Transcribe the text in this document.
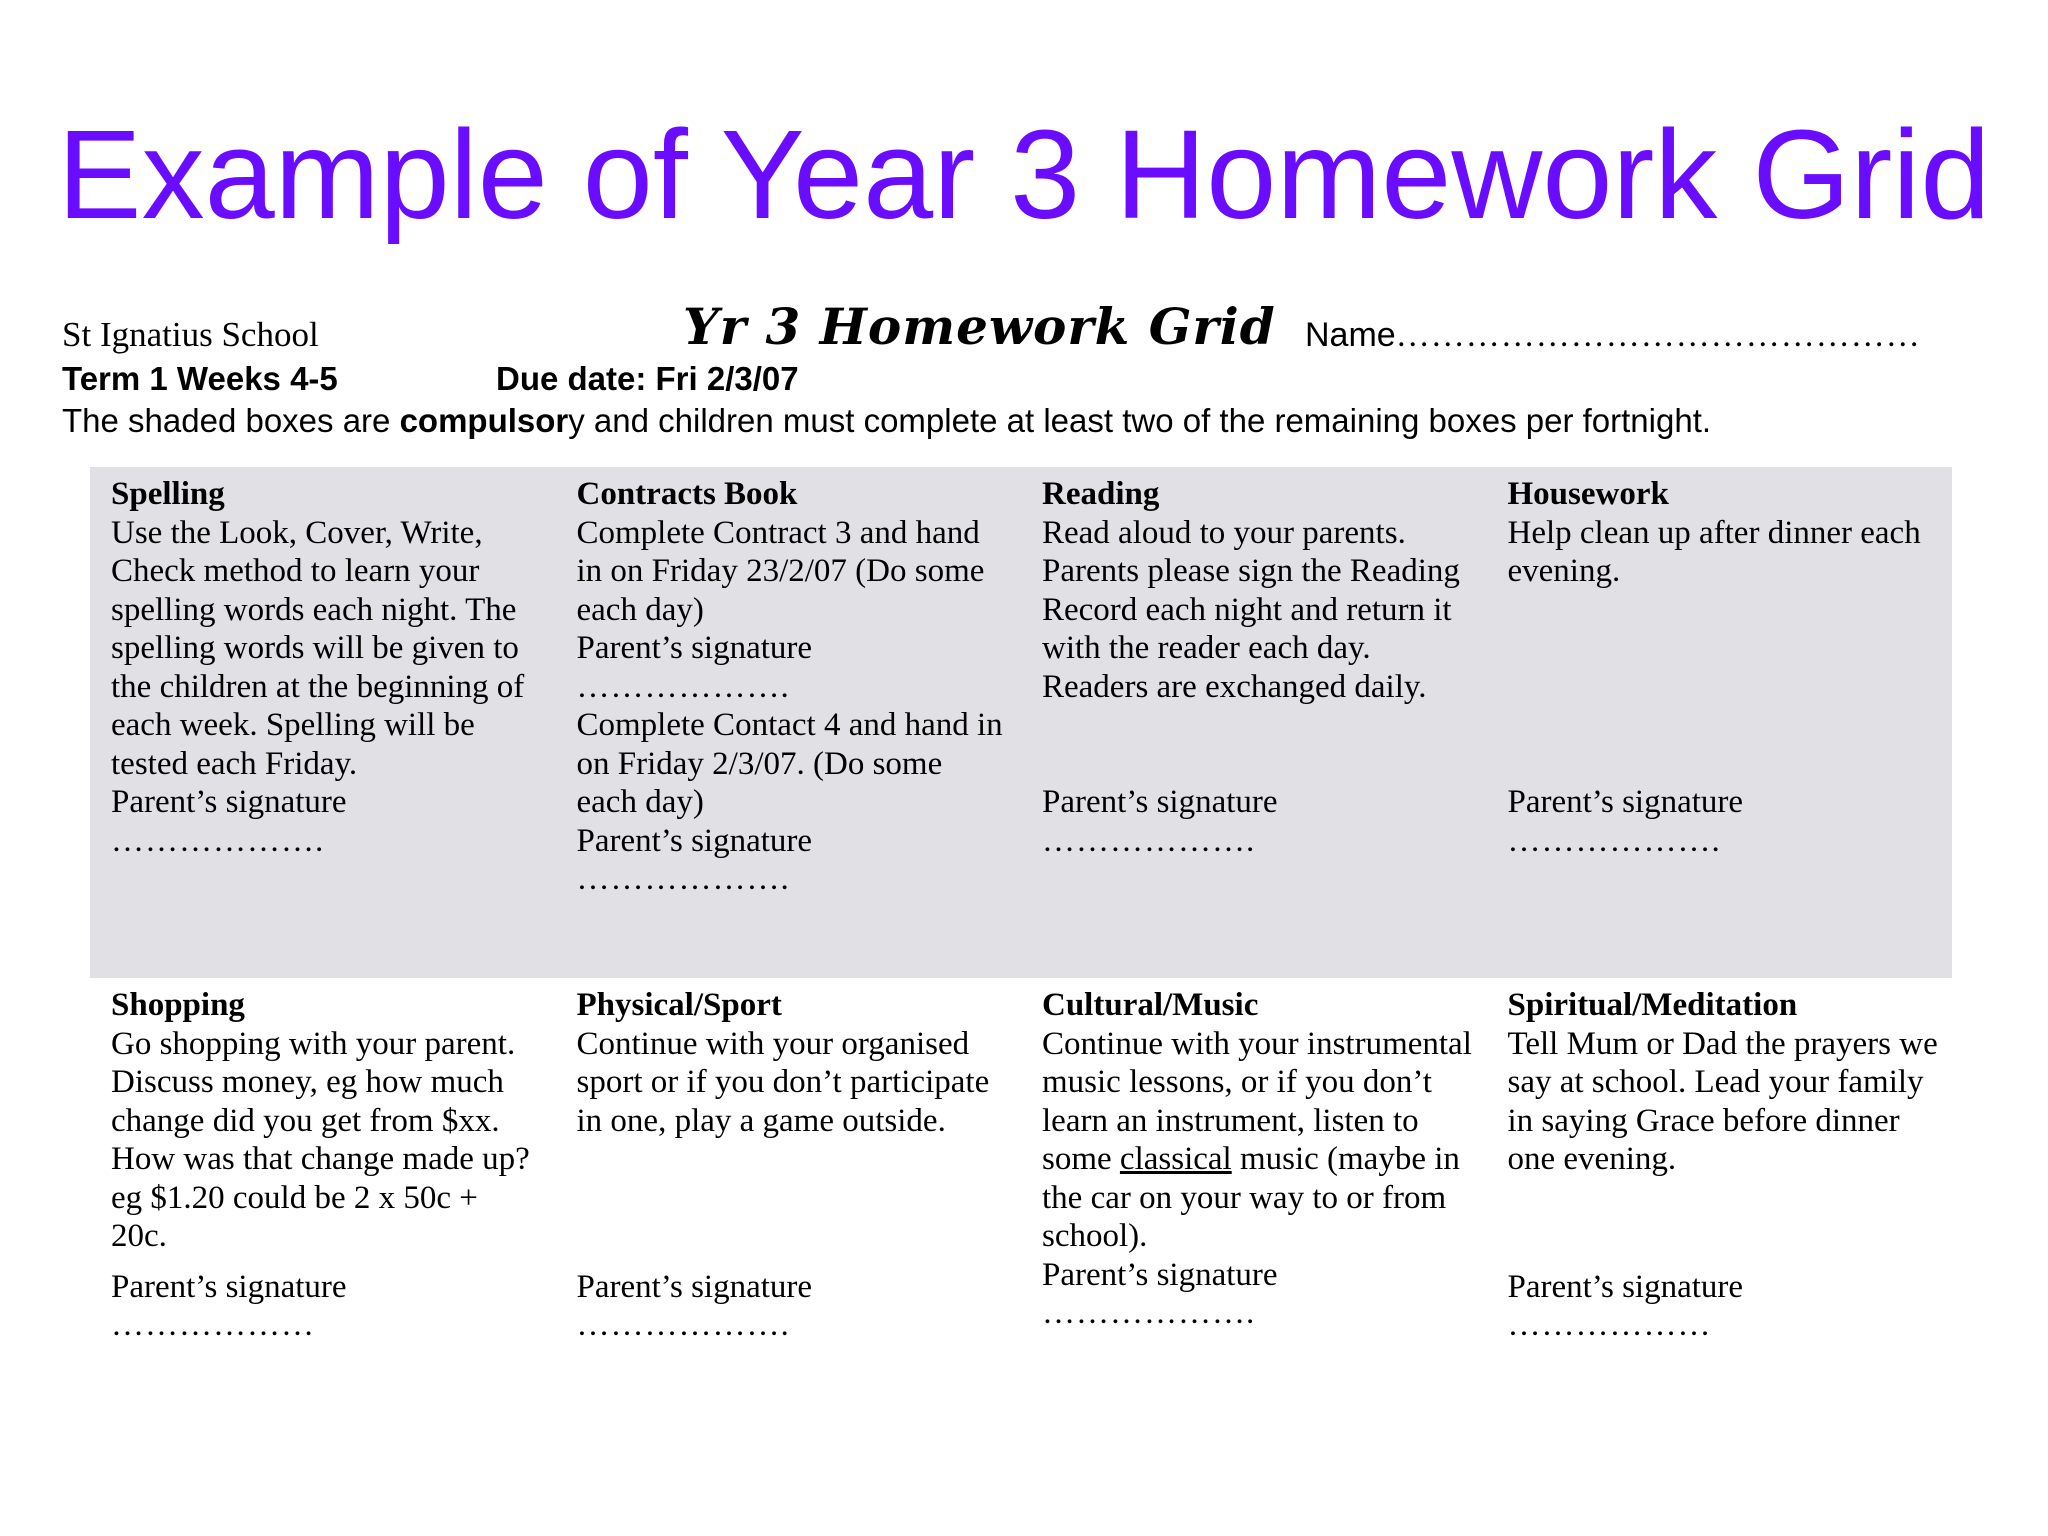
Example of Year 3 Homework Grid
St Ignatius School	Yr 3 Homework Grid Name………………………………………
Term 1 Weeks 4-5	Due date: Fri 2/3/07
The shaded boxes are compulsory and children must complete at least two of the remaining boxes per fortnight.
Spelling
Use the Look, Cover, Write, Check method to learn your spelling words each night. The spelling words will be given to the children at the beginning of each week. Spelling will be tested each Friday.
Parent’s signature
……………….
Contracts Book
Complete Contract 3 and hand in on Friday 23/2/07 (Do some each day)
Parent’s signature
……………….
Complete Contact 4 and hand in on Friday 2/3/07. (Do some each day)
Parent’s signature
……………….
Reading
Read aloud to your parents. Parents please sign the Reading Record each night and return it with the reader each day. Readers are exchanged daily.
Parent’s signature
……………….
Housework
Help clean up after dinner each evening.
Parent’s signature
……………….
Shopping
Go shopping with your parent. Discuss money, eg how much change did you get from $xx. How was that change made up? eg $1.20 could be 2 x 50c + 20c.
Parent’s signature
………………
Physical/Sport
Continue with your organised sport or if you don’t participate in one, play a game outside.
Parent’s signature
……………….
Cultural/Music
Continue with your instrumental music lessons, or if you don’t learn an instrument, listen to some classical music (maybe in the car on your way to or from school).
Parent’s signature
……………….
Spiritual/Meditation
Tell Mum or Dad the prayers we say at school. Lead your family in saying Grace before dinner one evening.
Parent’s signature
………………
